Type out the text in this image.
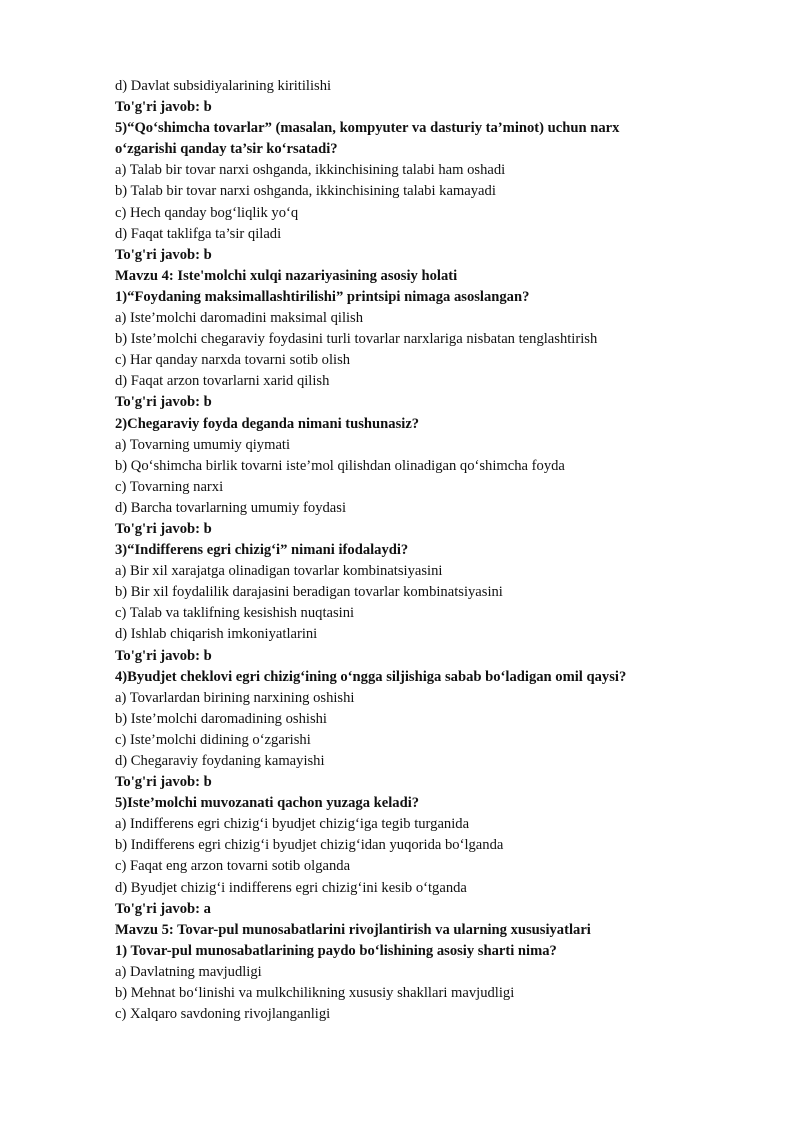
d) Davlat subsidiyalarining kiritilishi
To'g'ri javob: b
5)“Qo‘shimcha tovarlar” (masalan, kompyuter va dasturiy ta’minot) uchun narx
o‘zgarishi qanday ta’sir ko‘rsatadi?
a) Talab bir tovar narxi oshganda, ikkinchisining talabi ham oshadi
b) Talab bir tovar narxi oshganda, ikkinchisining talabi kamayadi
c) Hech qanday bog‘liqlik yo‘q
d) Faqat taklifga ta’sir qiladi
To'g'ri javob: b
Mavzu 4: Iste'molchi xulqi nazariyasining asosiy holati
1)“Foydaning maksimallashtirilishi” printsipi nimaga asoslangan?
a) Iste’molchi daromadini maksimal qilish
b) Iste’molchi chegaraviy foydasini turli tovarlar narxlariga nisbatan tenglashtirish
c) Har qanday narxda tovarni sotib olish
d) Faqat arzon tovarlarni xarid qilish
To'g'ri javob: b
2)Chegaraviy foyda deganda nimani tushunasiz?
a) Tovarning umumiy qiymati
b) Qo‘shimcha birlik tovarni iste’mol qilishdan olinadigan qo‘shimcha foyda
c) Tovarning narxi
d) Barcha tovarlarning umumiy foydasi
To'g'ri javob: b
3)“Indifferens egri chizig‘i” nimani ifodalaydi?
a) Bir xil xarajatga olinadigan tovarlar kombinatsiyasini
b) Bir xil foydalilik darajasini beradigan tovarlar kombinatsiyasini
c) Talab va taklifning kesishish nuqtasini
d) Ishlab chiqarish imkoniyatlarini
To'g'ri javob: b
4)Byudjet cheklovi egri chizig‘ining o‘ngga siljishiga sabab bo‘ladigan omil qaysi?
a) Tovarlardan birining narxining oshishi
b) Iste’molchi daromadining oshishi
c) Iste’molchi didining o‘zgarishi
d) Chegaraviy foydaning kamayishi
To'g'ri javob: b
5)Iste’molchi muvozanati qachon yuzaga keladi?
a) Indifferens egri chizig‘i byudjet chizig‘iga tegib turganida
b) Indifferens egri chizig‘i byudjet chizig‘idan yuqorida bo‘lganda
c) Faqat eng arzon tovarni sotib olganda
d) Byudjet chizig‘i indifferens egri chizig‘ini kesib o‘tganda
To'g'ri javob: a
Mavzu 5: Tovar-pul munosabatlarini rivojlantirish va ularning xususiyatlari
1) Tovar-pul munosabatlarining paydo bo‘lishining asosiy sharti nima?
a) Davlatning mavjudligi
b) Mehnat bo‘linishi va mulkchilikning xususiy shakllari mavjudligi
c) Xalqaro savdoning rivojlanganligi
